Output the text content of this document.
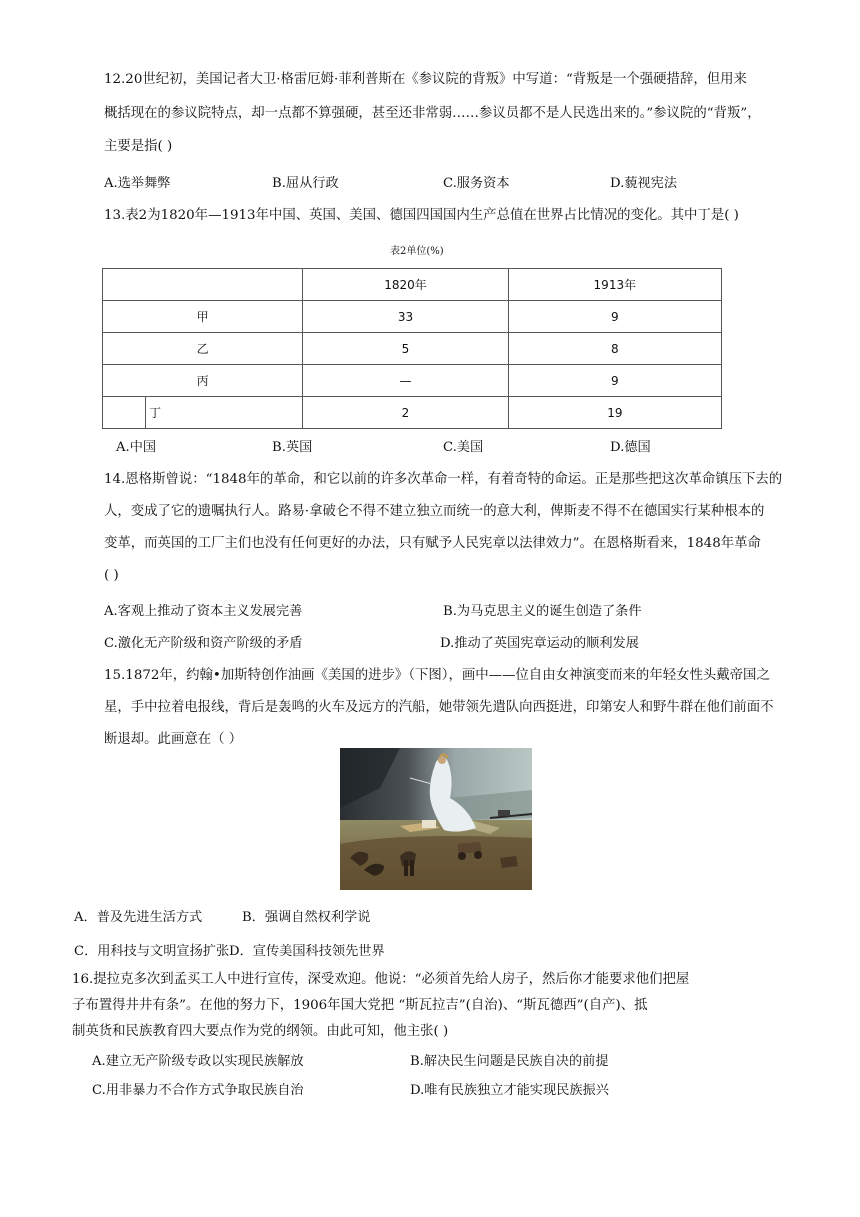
12.20世纪初，美国记者大卫·格雷厄姆·菲利普斯在《参议院的背叛》中写道：“背叛是一个强硬措辞，但用来
概括现在的参议院特点，却一点都不算强硬，甚至还非常弱……参议员都不是人民选出来的。”参议院的“背叛”，
主要是指( )
A.选举舞弊	B.屈从行政	C.服务资本	D.藐视宪法
13.表2为1820年—1913年中国、英国、美国、德国四国国内生产总值在世界占比情况的变化。其中丁是( )
表2单位(%)
	1820年	1913年
甲	33	9
乙	5	8
丙	—	9

丁	2	19
A.中国	B.英国	C.美国	D.德国
14.恩格斯曾说：“1848年的革命，和它以前的许多次革命一样，有着奇特的命运。正是那些把这次革命镇压下去的
人，变成了它的遗嘱执行人。路易·拿破仑不得不建立独立而统一的意大利，俾斯麦不得不在德国实行某种根本的
变革，而英国的工厂主们也没有任何更好的办法，只有赋予人民宪章以法律效力”。在恩格斯看来，1848年革命
( )
A.客观上推动了资本主义发展完善	B.为马克思主义的诞生创造了条件
C.激化无产阶级和资产阶级的矛盾	D.推动了英国宪章运动的顺利发展
15.1872年，约翰•加斯特创作油画《美国的进步》（下图），画中——位自由女神演变而来的年轻女性头戴帝国之
星，手中拉着电报线，背后是轰鸣的火车及远方的汽船，她带领先遣队向西挺进，印第安人和野牛群在他们前面不
断退却。此画意在（ ）
A．普及先进生活方式	B．强调自然权利学说
C．用科技与文明宣扬扩张 D．宣传美国科技领先世界
16.提拉克多次到孟买工人中进行宣传，深受欢迎。他说：“必须首先给人房子，然后你才能要求他们把屋
子布置得井井有条”。在他的努力下，1906年国大党把 “斯瓦拉吉”(自治)、“斯瓦德西”(自产)、抵
制英货和民族教育四大要点作为党的纲领。由此可知，他主张( )
A.建立无产阶级专政以实现民族解放	B.解决民生问题是民族自决的前提
C.用非暴力不合作方式争取民族自治	D.唯有民族独立才能实现民族振兴
